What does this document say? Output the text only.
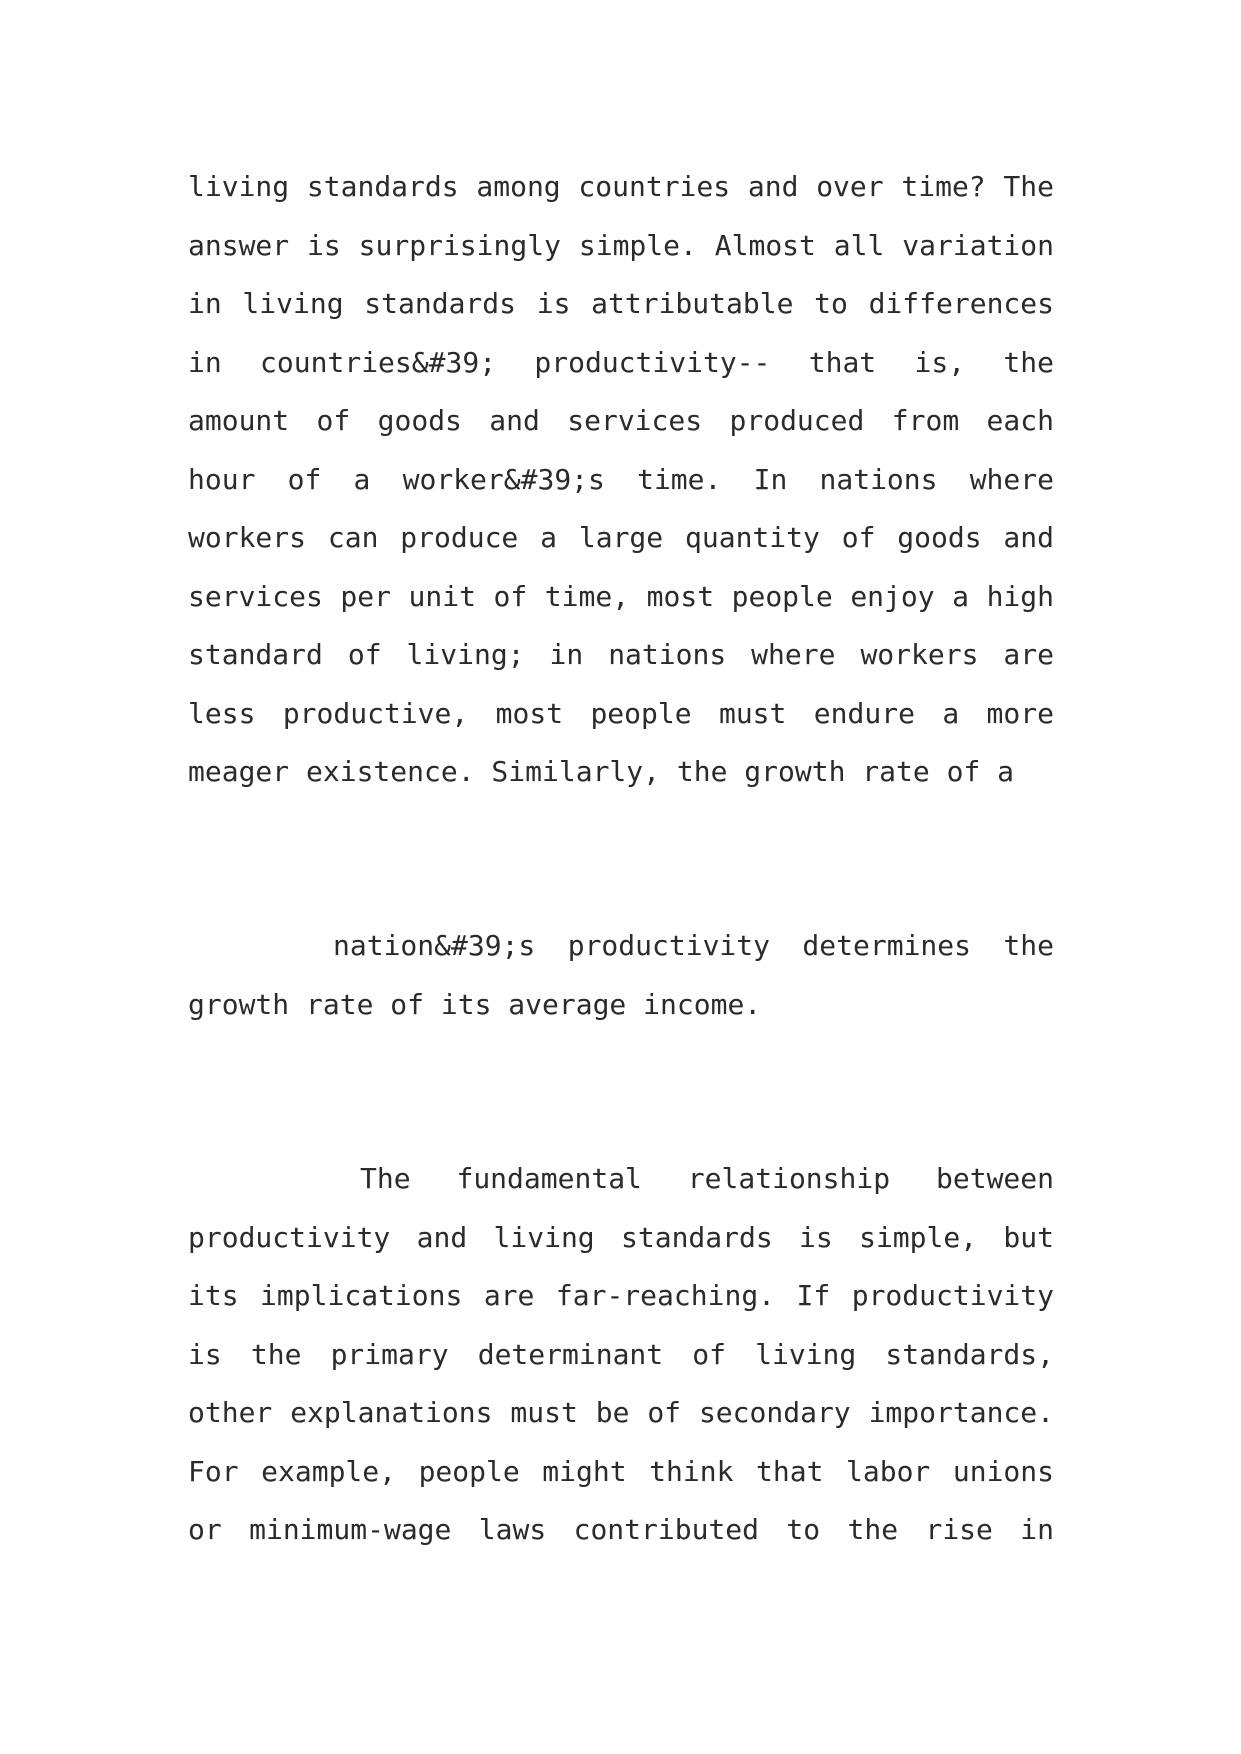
living standards among countries and over time? The
answer is surprisingly simple. Almost all variation
in living standards is attributable to differences
in countries&#39; productivity-- that is, the
amount of goods and services produced from each
hour of a worker&#39;s time. In nations where
workers can produce a large quantity of goods and
services per unit of time, most people enjoy a high
standard of living; in nations where workers are
less productive, most people must endure a more
meager existence. Similarly, the growth rate of a
nation&#39;s productivity determines the
growth rate of its average income.
The fundamental relationship between
productivity and living standards is simple, but
its implications are far-reaching. If productivity
is the primary determinant of living standards,
other explanations must be of secondary importance.
For example, people might think that labor unions
or minimum-wage laws contributed to the rise in
